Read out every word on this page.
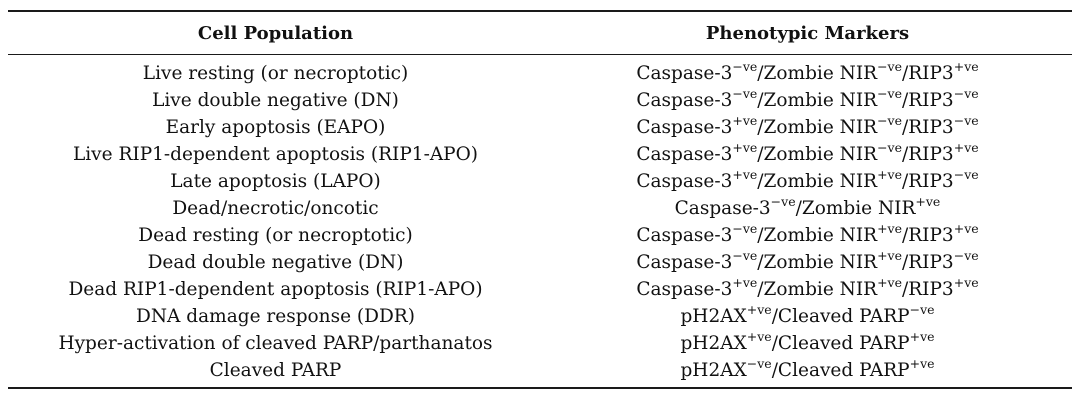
Cell Population	Phenotypic Markers
Live resting (or necroptotic)	Caspase-$3^{-ve}$/Zombie $NIR^{-ve}/RIP3^{+ve}$
Live double negative (DN)	Caspase-$3^{-ve}$/Zombie $NIR^{-ve}/RIP3^{-ve}$
Early apoptosis (EAPO)	Caspase-$3^{+ve}$/Zombie $NIR^{-ve}/RIP3^{-ve}$
Live RIP1-dependent apoptosis (RIP1-APO)	Caspase-$3^{+ve}$/Zombie $NIR^{-ve}/RIP3^{+ve}$
Late apoptosis (LAPO)	Caspase-$3^{+ve}$/Zombie $NIR^{+ve}/RIP3^{-ve}$
Dead/necrotic/oncotic	Caspase-$3^{-ve}$/Zombie $NIR^{+ve}$
Dead resting (or necroptotic)	Caspase-$3^{-ve}$/Zombie $NIR^{+ve}/RIP3^{+ve}$
Dead double negative (DN)	Caspase-$3^{-ve}$/Zombie $NIR^{+ve}/RIP3^{-ve}$
Dead RIP1-dependent apoptosis (RIP1-APO)	Caspase-$3^{+ve}$/Zombie $NIR^{+ve}/RIP3^{+ve}$
DNA damage response (DDR)	$pH2AX^{+ve}$/Cleaved $PARP^{-ve}$
Hyper-activation of cleaved PARP/parthanatos	$pH2AX^{+ve}$/Cleaved $PARP^{+ve}$
Cleaved PARP	$pH2AX^{-ve}$/Cleaved $PARP^{+ve}$
